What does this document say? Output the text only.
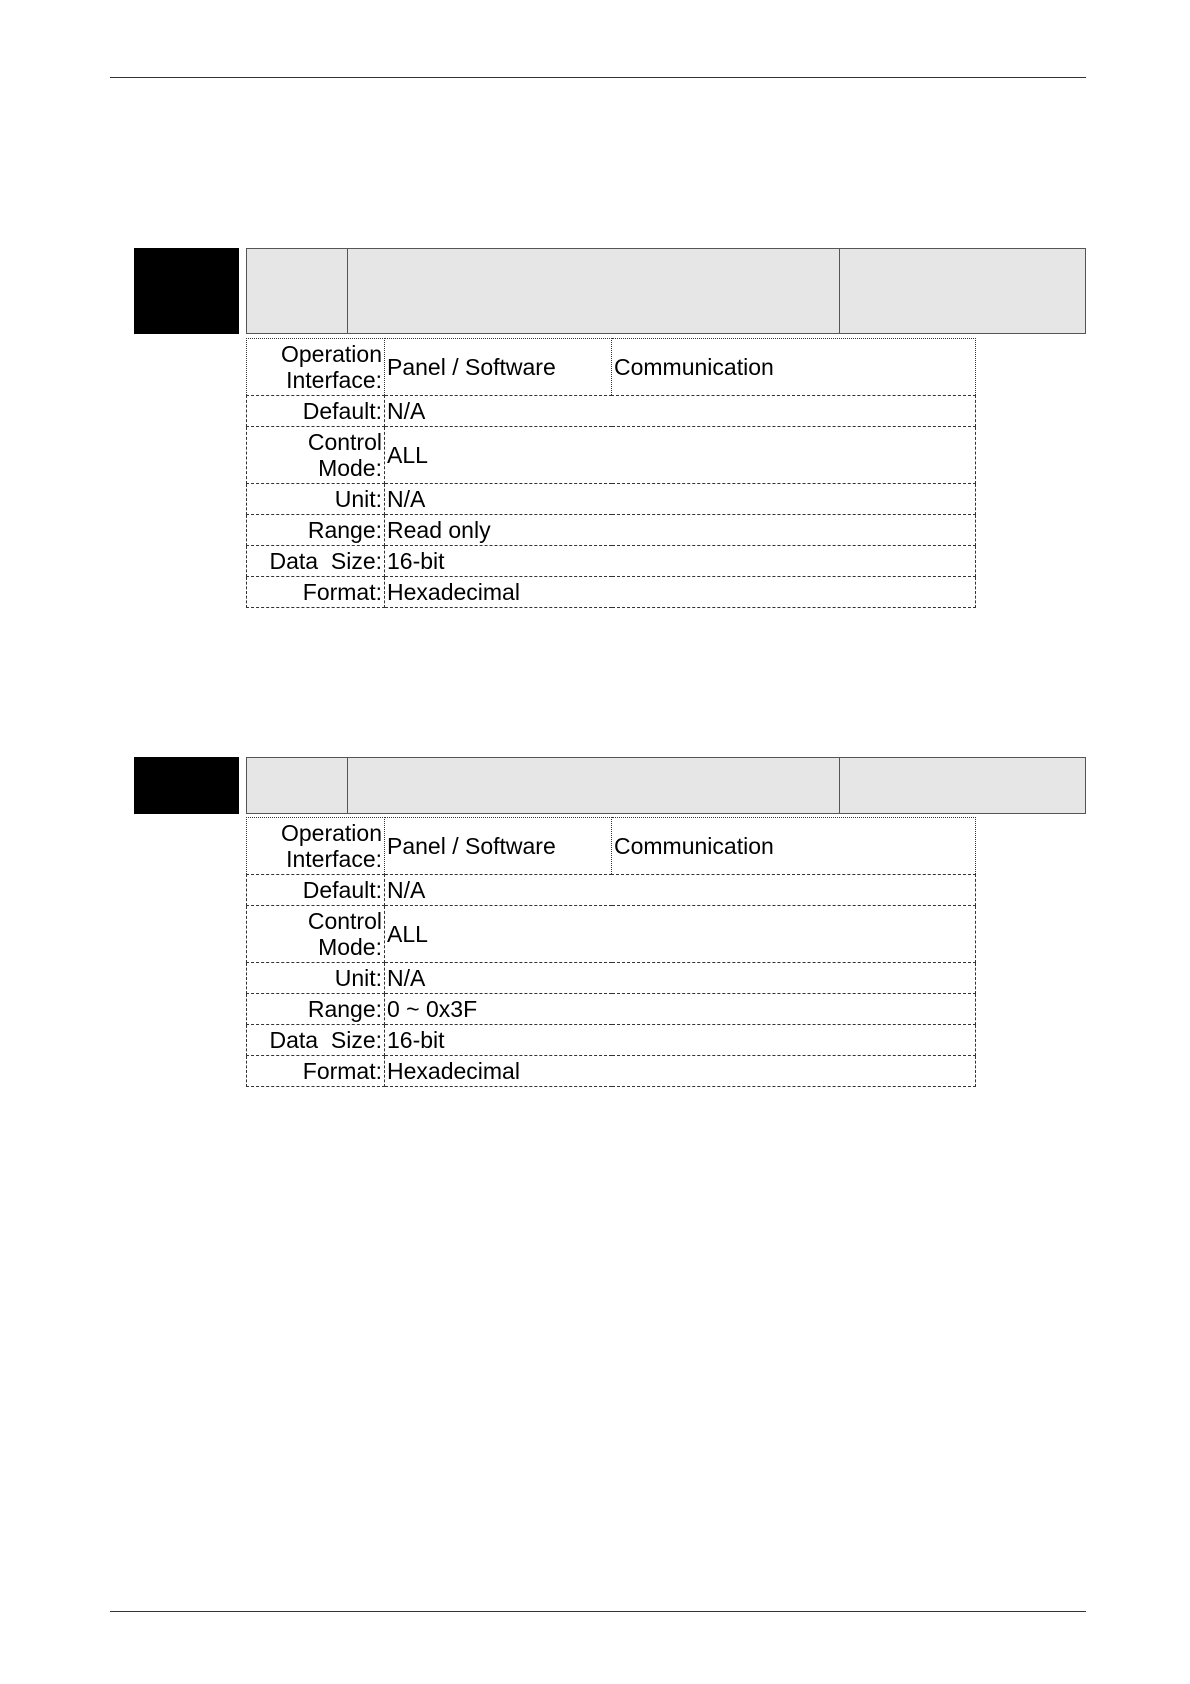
Operation Interface:	Panel / Software	Communication
Default:	N/A	
Control Mode:	ALL	
Unit:	N/A	
Range:	Read only	
Data  Size:	16-bit	
Format:	Hexadecimal	
Operation Interface:	Panel / Software	Communication
Default:	N/A	
Control Mode:	ALL	
Unit:	N/A	
Range:	0 ~ 0x3F	
Data  Size:	16-bit	
Format:	Hexadecimal	
